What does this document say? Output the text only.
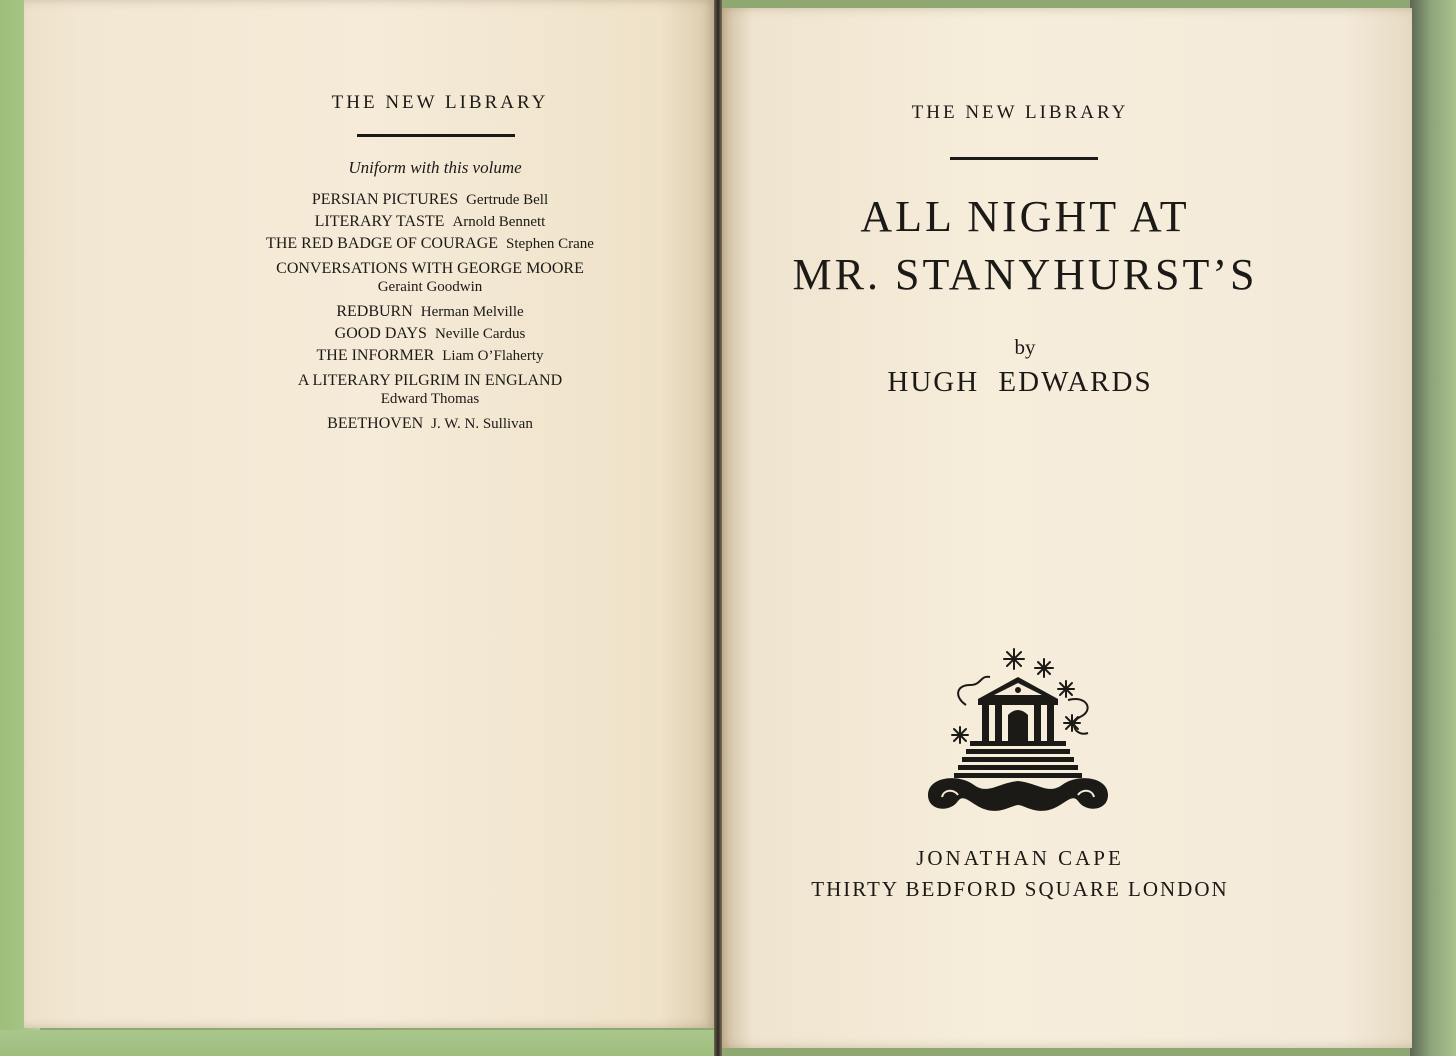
THE NEW LIBRARY
Uniform with this volume
PERSIAN PICTURES Gertrude Bell
LITERARY TASTE Arnold Bennett
THE RED BADGE OF COURAGE Stephen Crane
CONVERSATIONS WITH GEORGE MOORE
Geraint Goodwin
REDBURN Herman Melville
GOOD DAYS Neville Cardus
THE INFORMER Liam O’Flaherty
A LITERARY PILGRIM IN ENGLAND
Edward Thomas
BEETHOVEN J. W. N. Sullivan
THE NEW LIBRARY
ALL NIGHT AT
MR. STANYHURST’S
by
HUGH EDWARDS
JONATHAN CAPE
THIRTY BEDFORD SQUARE LONDON
